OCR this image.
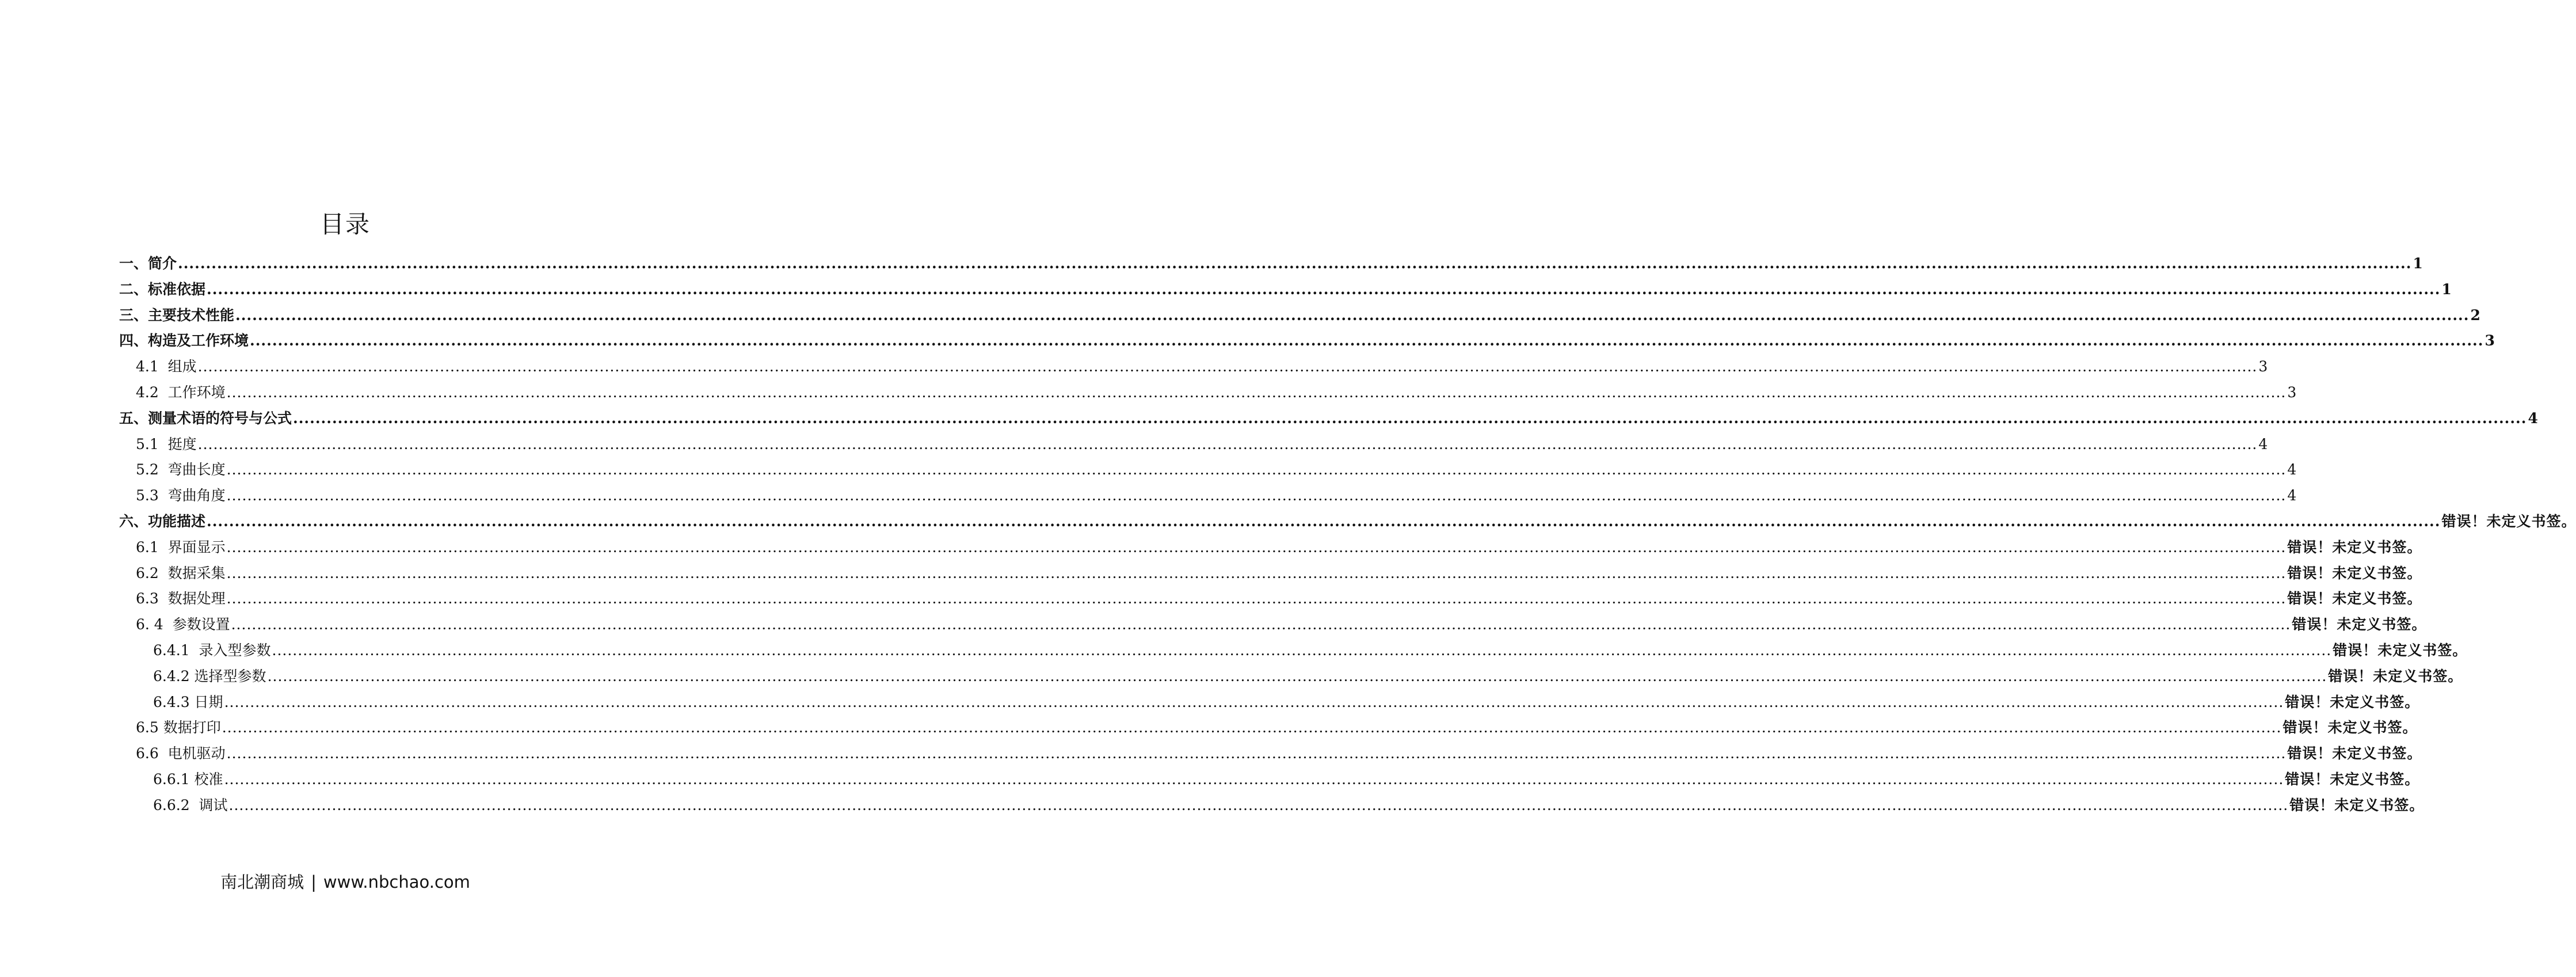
目录
一、简介 ................................................................................................................................................................................................................................................................................................................................................................................................................ 1
二、标准依据 ................................................................................................................................................................................................................................................................................................................................................................................................................ 1
三、主要技术性能 ................................................................................................................................................................................................................................................................................................................................................................................................................ 2
四、构造及工作环境 ................................................................................................................................................................................................................................................................................................................................................................................................................ 3
4.1  组成 ................................................................................................................................................................................................................................................................................................................................................................................................................ 3
4.2  工作环境 ................................................................................................................................................................................................................................................................................................................................................................................................................ 3
五、测量术语的符号与公式 ................................................................................................................................................................................................................................................................................................................................................................................................................ 4
5.1  挺度 ................................................................................................................................................................................................................................................................................................................................................................................................................ 4
5.2  弯曲长度 ................................................................................................................................................................................................................................................................................................................................................................................................................ 4
5.3  弯曲角度 ................................................................................................................................................................................................................................................................................................................................................................................................................ 4
六、功能描述 ................................................................................................................................................................................................................................................................................................................................................................................................................ 错误！未定义书签。
6.1  界面显示 ................................................................................................................................................................................................................................................................................................................................................................................................................ 错误！未定义书签。
6.2  数据采集 ................................................................................................................................................................................................................................................................................................................................................................................................................ 错误！未定义书签。
6.3  数据处理 ................................................................................................................................................................................................................................................................................................................................................................................................................ 错误！未定义书签。
6. 4  参数设置 ................................................................................................................................................................................................................................................................................................................................................................................................................ 错误！未定义书签。
6.4.1  录入型参数 ................................................................................................................................................................................................................................................................................................................................................................................................................ 错误！未定义书签。
6.4.2 选择型参数 ................................................................................................................................................................................................................................................................................................................................................................................................................ 错误！未定义书签。
6.4.3 日期 ................................................................................................................................................................................................................................................................................................................................................................................................................ 错误！未定义书签。
6.5 数据打印 ................................................................................................................................................................................................................................................................................................................................................................................................................ 错误！未定义书签。
6.6  电机驱动 ................................................................................................................................................................................................................................................................................................................................................................................................................ 错误！未定义书签。
6.6.1 校准 ................................................................................................................................................................................................................................................................................................................................................................................................................ 错误！未定义书签。
6.6.2  调试 ................................................................................................................................................................................................................................................................................................................................................................................................................ 错误！未定义书签。
南北潮商城 | www.nbchao.com
